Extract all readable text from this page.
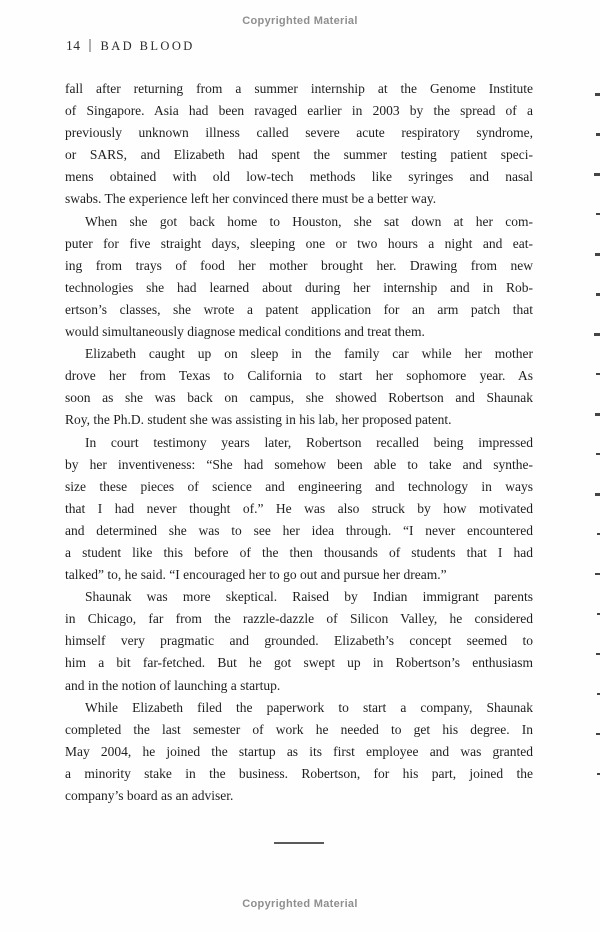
Copyrighted Material
14 | BAD BLOOD
fall after returning from a summer internship at the Genome Institute
of Singapore. Asia had been ravaged earlier in 2003 by the spread of a
previously unknown illness called severe acute respiratory syndrome,
or SARS, and Elizabeth had spent the summer testing patient speci-
mens obtained with old low-tech methods like syringes and nasal
swabs. The experience left her convinced there must be a better way.
When she got back home to Houston, she sat down at her com-
puter for five straight days, sleeping one or two hours a night and eat-
ing from trays of food her mother brought her. Drawing from new
technologies she had learned about during her internship and in Rob-
ertson’s classes, she wrote a patent application for an arm patch that
would simultaneously diagnose medical conditions and treat them.
Elizabeth caught up on sleep in the family car while her mother
drove her from Texas to California to start her sophomore year. As
soon as she was back on campus, she showed Robertson and Shaunak
Roy, the Ph.D. student she was assisting in his lab, her proposed patent.
In court testimony years later, Robertson recalled being impressed
by her inventiveness: “She had somehow been able to take and synthe-
size these pieces of science and engineering and technology in ways
that I had never thought of.” He was also struck by how motivated
and determined she was to see her idea through. “I never encountered
a student like this before of the then thousands of students that I had
talked” to, he said. “I encouraged her to go out and pursue her dream.”
Shaunak was more skeptical. Raised by Indian immigrant parents
in Chicago, far from the razzle-dazzle of Silicon Valley, he considered
himself very pragmatic and grounded. Elizabeth’s concept seemed to
him a bit far-fetched. But he got swept up in Robertson’s enthusiasm
and in the notion of launching a startup.
While Elizabeth filed the paperwork to start a company, Shaunak
completed the last semester of work he needed to get his degree. In
May 2004, he joined the startup as its first employee and was granted
a minority stake in the business. Robertson, for his part, joined the
company’s board as an adviser.
Copyrighted Material
